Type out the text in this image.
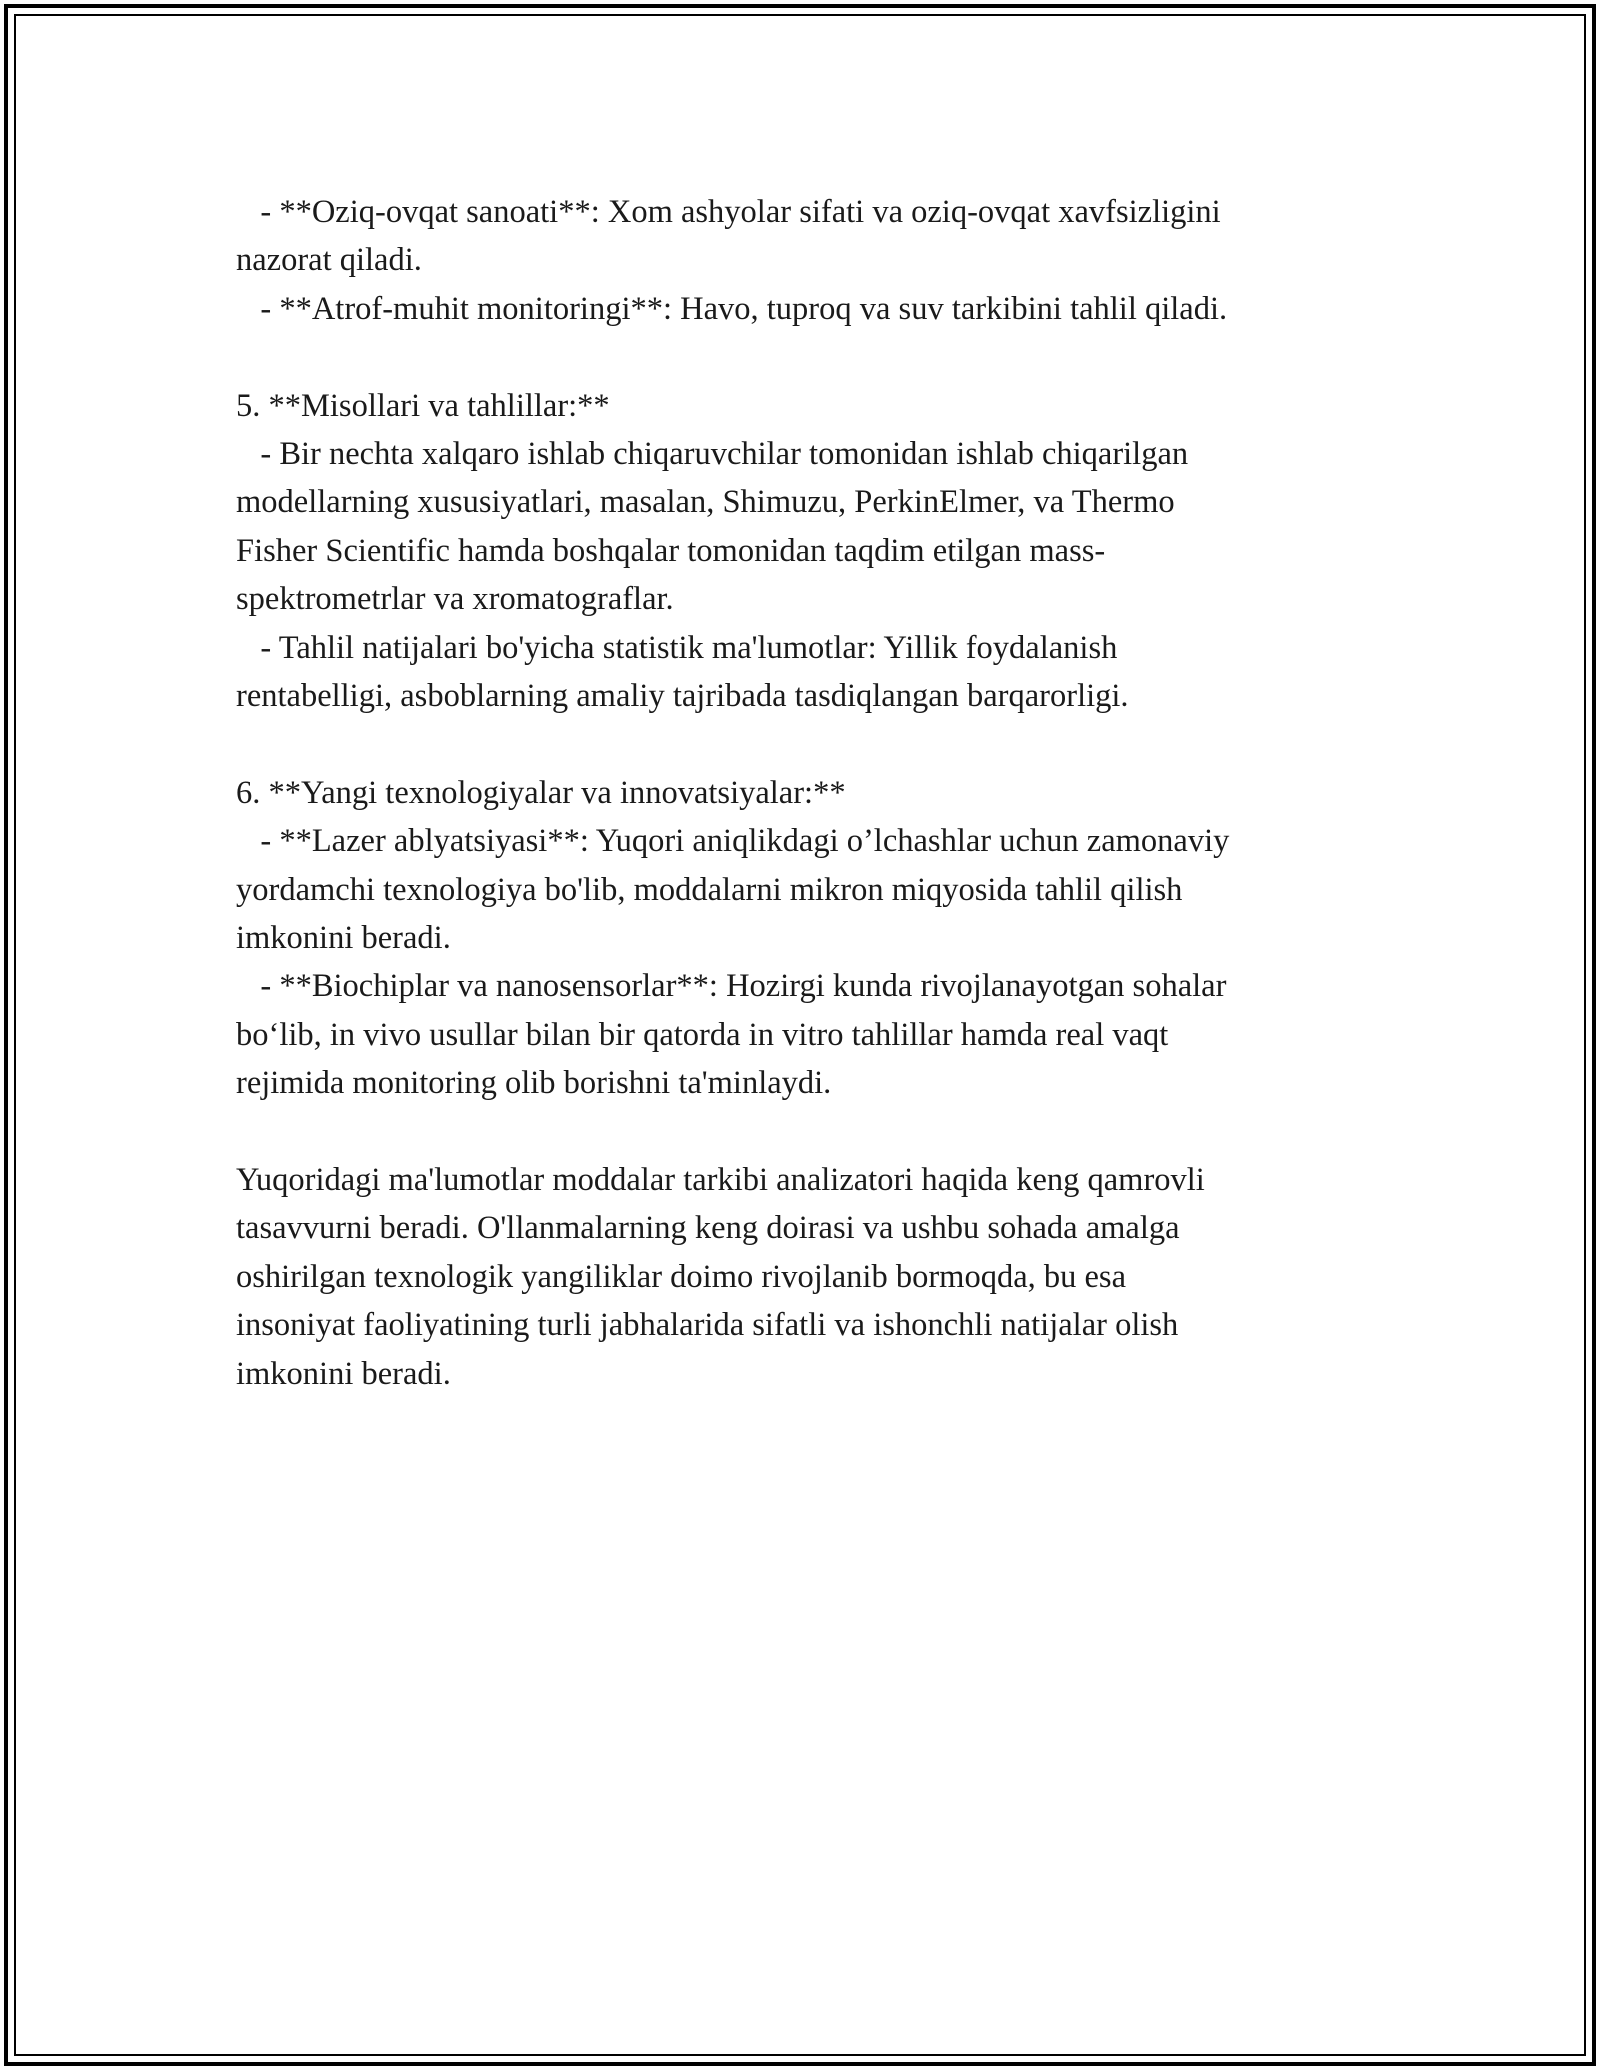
- **Oziq-ovqat sanoati**: Xom ashyolar sifati va oziq-ovqat xavfsizligini
nazorat qiladi.
- **Atrof-muhit monitoringi**: Havo, tuproq va suv tarkibini tahlil qiladi.
5. **Misollari va tahlillar:**
- Bir nechta xalqaro ishlab chiqaruvchilar tomonidan ishlab chiqarilgan
modellarning xususiyatlari, masalan, Shimuzu, PerkinElmer, va Thermo
Fisher Scientific hamda boshqalar tomonidan taqdim etilgan mass-
spektrometrlar va xromatograflar.
- Tahlil natijalari bo'yicha statistik ma'lumotlar: Yillik foydalanish
rentabelligi, asboblarning amaliy tajribada tasdiqlangan barqarorligi.
6. **Yangi texnologiyalar va innovatsiyalar:**
- **Lazer ablyatsiyasi**: Yuqori aniqlikdagi o’lchashlar uchun zamonaviy
yordamchi texnologiya bo'lib, moddalarni mikron miqyosida tahlil qilish
imkonini beradi.
- **Biochiplar va nanosensorlar**: Hozirgi kunda rivojlanayotgan sohalar
bo‘lib, in vivo usullar bilan bir qatorda in vitro tahlillar hamda real vaqt
rejimida monitoring olib borishni ta'minlaydi.
Yuqoridagi ma'lumotlar moddalar tarkibi analizatori haqida keng qamrovli
tasavvurni beradi. O'llanmalarning keng doirasi va ushbu sohada amalga
oshirilgan texnologik yangiliklar doimo rivojlanib bormoqda, bu esa
insoniyat faoliyatining turli jabhalarida sifatli va ishonchli natijalar olish
imkonini beradi.
